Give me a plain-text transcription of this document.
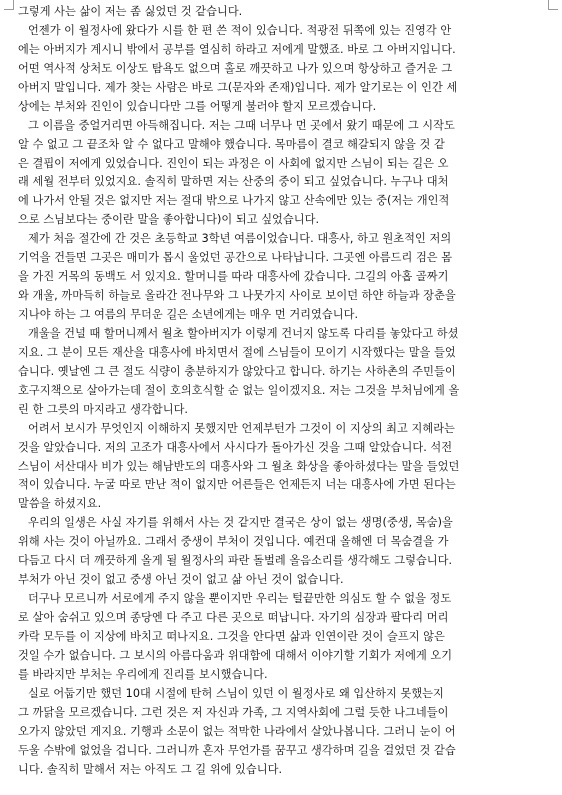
그렇게 사는 삶이 저는 좀 싫었던 것 같습니다.
언젠가 이 월정사에 왔다가 시를 한 편 쓴 적이 있습니다. 적광전 뒤쪽에 있는 진영각 안
에는 아버지가 계시니 밖에서 공부를 열심히 하라고 저에게 말했죠. 바로 그 아버지입니다.
어떤 역사적 상처도 이상도 탐욕도 없으며 홀로 깨끗하고 나가 있으며 항상하고 즐거운 그
아버지 말입니다. 제가 찾는 사람은 바로 그(문자와 존재)입니다. 제가 알기로는 이 인간 세
상에는 부처와 진인이 있습니다만 그를 어떻게 불러야 할지 모르겠습니다.
그 이름을 중얼거리면 아득해집니다. 저는 그때 너무나 먼 곳에서 왔기 때문에 그 시작도
알 수 없고 그 끝조차 알 수 없다고 말해야 했습니다. 목마름이 결코 해갈되지 않을 것 같
은 결핍이 저에게 있었습니다. 진인이 되는 과정은 이 사회에 없지만 스님이 되는 길은 오
래 세월 전부터 있었지요. 솔직히 말하면 저는 산중의 중이 되고 싶었습니다. 누구나 대처
에 나가서 안될 것은 없지만 저는 절대 밖으로 나가지 않고 산속에만 있는 중(저는 개인적
으로 스님보다는 중이란 말을 좋아합니다)이 되고 싶었습니다.
제가 처음 절간에 간 것은 초등학교 3학년 여름이었습니다. 대흥사, 하고 원초적인 저의
기억을 건들면 그곳은 매미가 몹시 울었던 공간으로 나타납니다. 그곳엔 아름드리 검은 몸
을 가진 거목의 동백도 서 있지요. 할머니를 따라 대흥사에 갔습니다. 그길의 아홉 골짜기
와 개울, 까마득히 하늘로 올라간 전나무와 그 나뭇가지 사이로 보이던 하얀 하늘과 장춘을
지나야 하는 그 여름의 무더운 길은 소년에게는 매우 먼 거리였습니다.
개울을 건널 때 할머니께서 월초 할아버지가 이렇게 건너지 않도록 다리를 놓았다고 하셨
지요. 그 분이 모든 재산을 대흥사에 바치면서 절에 스님들이 모이기 시작했다는 말을 들었
습니다. 옛날엔 그 큰 절도 식량이 충분하지가 않았다고 합니다. 하기는 사하촌의 주민들이
호구지책으로 살아가는데 절이 호의호식할 순 없는 일이겠지요. 저는 그것을 부처님에게 올
린 한 그릇의 마지라고 생각합니다.
어려서 보시가 무엇인지 이해하지 못했지만 언제부턴가 그것이 이 지상의 최고 지혜라는
것을 알았습니다. 저의 고조가 대흥사에서 사시다가 돌아가신 것을 그때 알았습니다. 석전
스님이 서산대사 비가 있는 해남반도의 대흥사와 그 월초 화상을 좋아하셨다는 말을 들었던
적이 있습니다. 누굴 따로 만난 적이 없지만 어른들은 언제든지 너는 대흥사에 가면 된다는
말씀을 하셨지요.
우리의 일생은 사실 자기를 위해서 사는 것 같지만 결국은 상이 없는 생명(중생, 목숨)을
위해 사는 것이 아닐까요. 그래서 중생이 부처이 것입니다. 예컨대 올해엔 더 목숨결을 가
다듬고 다시 더 깨끗하게 올게 될 월정사의 파란 돌벌레 올음소리를 생각해도 그렇습니다.
부처가 아닌 것이 없고 중생 아닌 것이 없고 삶 아닌 것이 없습니다.
더구나 모르니까 서로에게 주지 않을 뿐이지만 우리는 털끝만한 의심도 할 수 없을 정도
로 살아 숨쉬고 있으며 종당엔 다 주고 다른 곳으로 떠납니다. 자기의 심장과 팔다리 머리
카락 모두를 이 지상에 바치고 떠나지요. 그것을 안다면 삶과 인연이란 것이 슬프지 않은
것일 수가 없습니다. 그 보시의 아름다움과 위대함에 대해서 이야기할 기회가 저에게 오기
를 바라지만 부처는 우리에게 진리를 보시했습니다.
실로 어둡기만 했던 10대 시절에 탄허 스님이 있던 이 월정사로 왜 입산하지 못했는지
그 까닭을 모르겠습니다. 그런 것은 저 자신과 가족, 그 지역사회에 그럴 듯한 나그네들이
오가지 않았던 게지요. 기행과 소문이 없는 적막한 나라에서 살았나봅니다. 그러니 눈이 어
두울 수밖에 없었을 겁니다. 그러니까 혼자 무언가를 꿈꾸고 생각하며 길을 걸었던 것 같습
니다. 솔직히 말해서 저는 아직도 그 길 위에 있습니다.
